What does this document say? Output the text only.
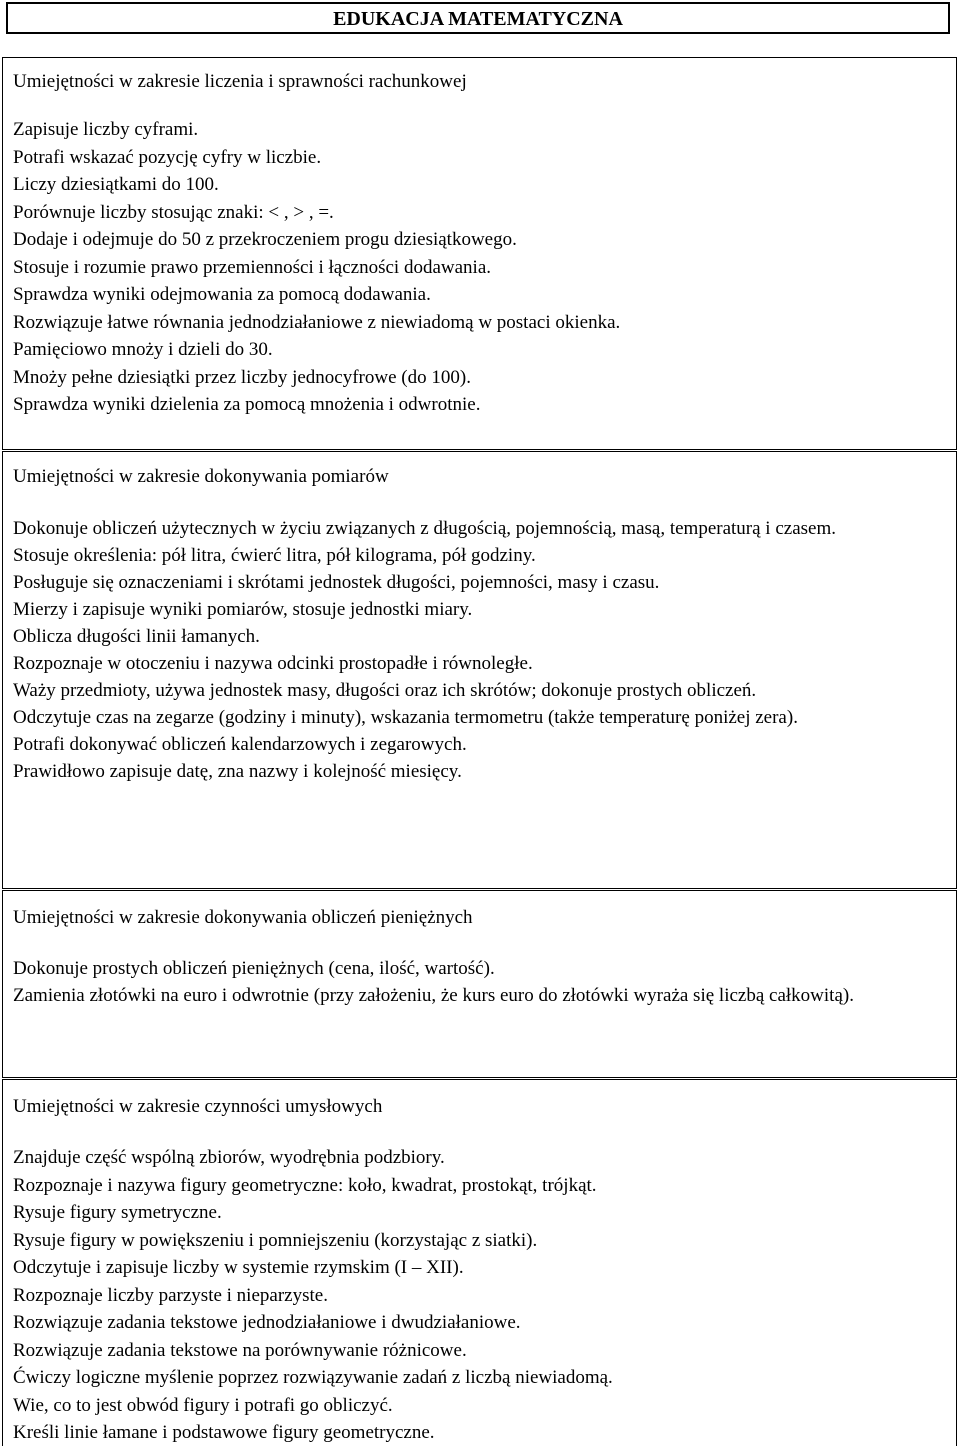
EDUKACJA MATEMATYCZNA
Umiejętności w zakresie liczenia i sprawności rachunkowej
Zapisuje liczby cyframi.
Potrafi wskazać pozycję cyfry w liczbie.
Liczy dziesiątkami do 100.
Porównuje liczby stosując znaki: < , > , =.
Dodaje i odejmuje do 50 z przekroczeniem progu dziesiątkowego.
Stosuje i rozumie prawo przemienności i łączności dodawania.
Sprawdza wyniki odejmowania za pomocą dodawania.
Rozwiązuje łatwe równania jednodziałaniowe z niewiadomą w postaci okienka.
Pamięciowo mnoży i dzieli do 30.
Mnoży pełne dziesiątki przez liczby jednocyfrowe (do 100).
Sprawdza wyniki dzielenia za pomocą mnożenia i odwrotnie.
Umiejętności w zakresie dokonywania pomiarów
Dokonuje obliczeń użytecznych w życiu związanych z długością, pojemnością, masą, temperaturą i czasem.
Stosuje określenia: pół litra, ćwierć litra, pół kilograma, pół godziny.
Posługuje się oznaczeniami i skrótami jednostek długości, pojemności, masy i czasu.
Mierzy i zapisuje wyniki pomiarów, stosuje jednostki miary.
Oblicza długości linii łamanych.
Rozpoznaje w otoczeniu i nazywa odcinki prostopadłe i równoległe.
Waży przedmioty, używa jednostek masy, długości oraz ich skrótów; dokonuje prostych obliczeń.
Odczytuje czas na zegarze (godziny i minuty), wskazania termometru (także temperaturę poniżej zera).
Potrafi dokonywać obliczeń kalendarzowych i zegarowych.
Prawidłowo zapisuje datę, zna nazwy i kolejność miesięcy.
Umiejętności w zakresie dokonywania obliczeń pieniężnych
Dokonuje prostych obliczeń pieniężnych (cena, ilość, wartość).
Zamienia złotówki na euro i odwrotnie (przy założeniu, że kurs euro do złotówki wyraża się liczbą całkowitą).
Umiejętności w zakresie czynności umysłowych
Znajduje część wspólną zbiorów, wyodrębnia podzbiory.
Rozpoznaje i nazywa figury geometryczne: koło, kwadrat, prostokąt, trójkąt.
Rysuje figury symetryczne.
Rysuje figury w powiększeniu i pomniejszeniu (korzystając z siatki).
Odczytuje i zapisuje liczby w systemie rzymskim (I – XII).
Rozpoznaje liczby parzyste i nieparzyste.
Rozwiązuje zadania tekstowe jednodziałaniowe i dwudziałaniowe.
Rozwiązuje zadania tekstowe na porównywanie różnicowe.
Ćwiczy logiczne myślenie poprzez rozwiązywanie zadań z liczbą niewiadomą.
Wie, co to jest obwód figury i potrafi go obliczyć.
Kreśli linie łamane i podstawowe figury geometryczne.
